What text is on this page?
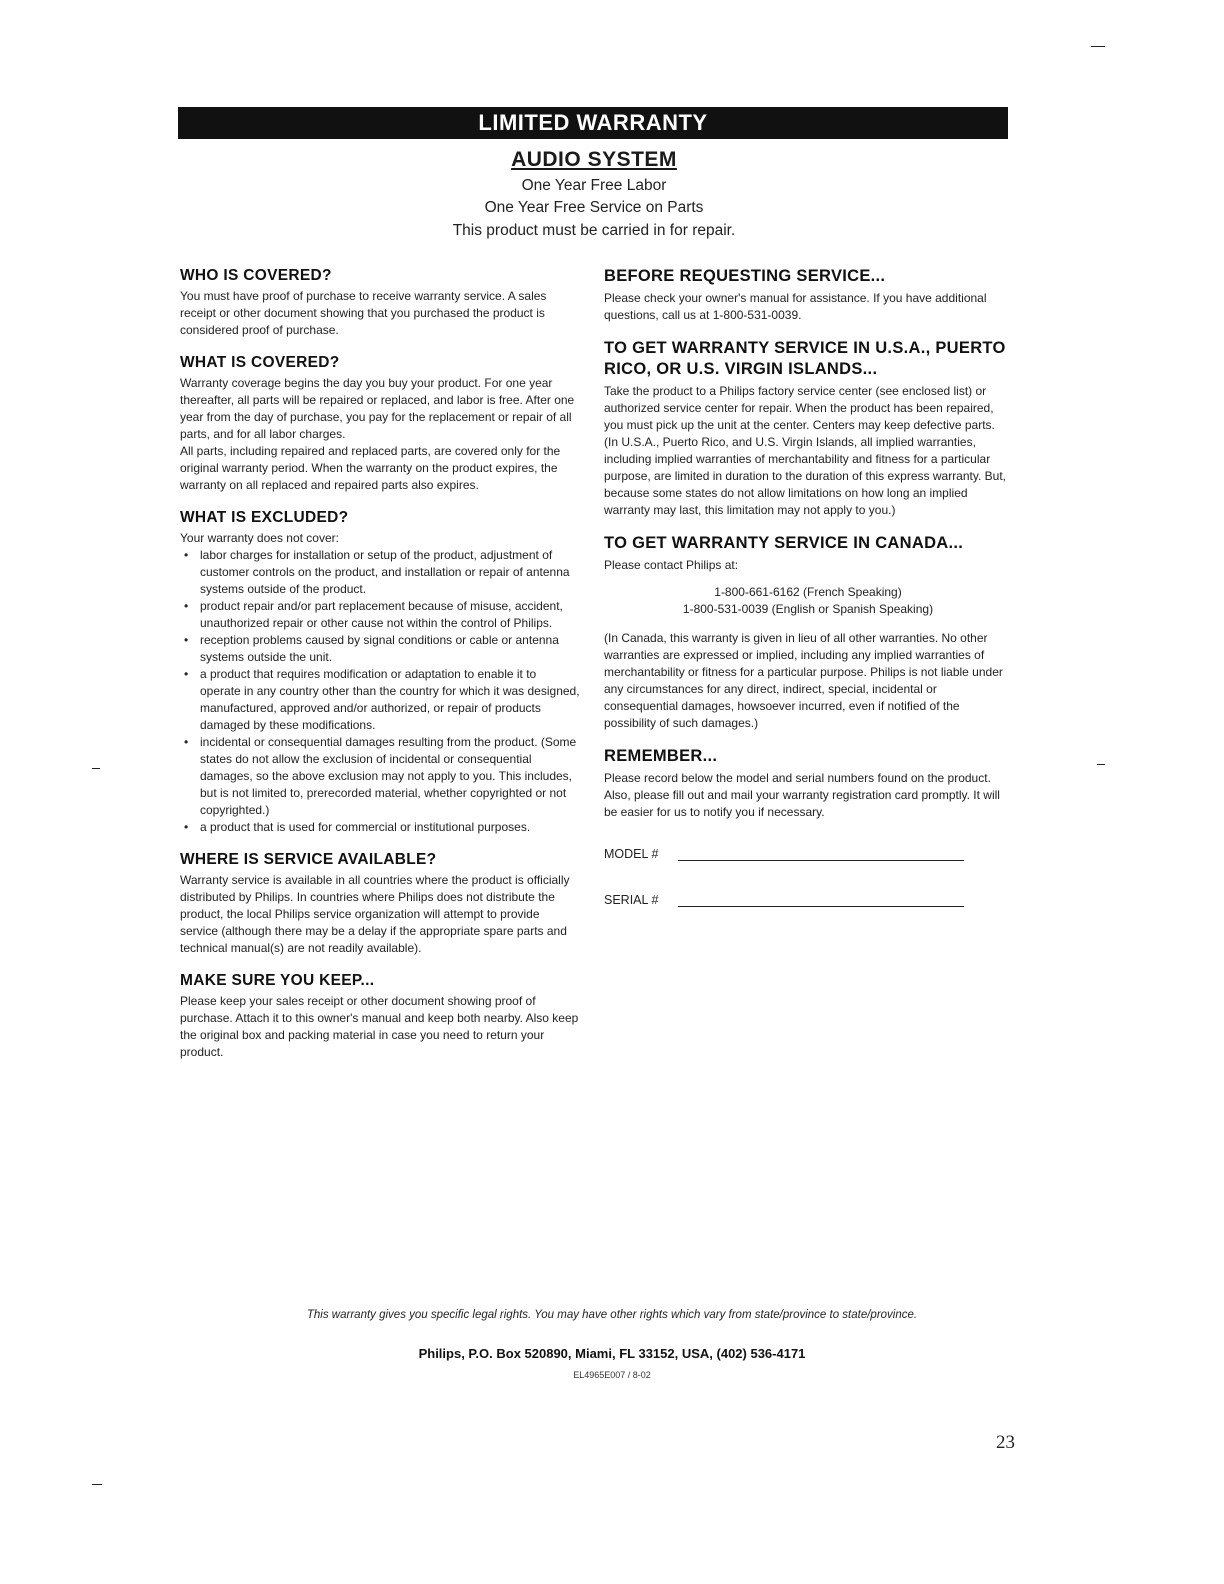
LIMITED WARRANTY
AUDIO SYSTEM
One Year Free Labor
One Year Free Service on Parts
This product must be carried in for repair.
WHO IS COVERED?

You must have proof of purchase to receive warranty service. A sales receipt or other document showing that you purchased the product is considered proof of purchase.

WHAT IS COVERED?

Warranty coverage begins the day you buy your product. For one year thereafter, all parts will be repaired or replaced, and labor is free. After one year from the day of purchase, you pay for the replacement or repair of all parts, and for all labor charges.

All parts, including repaired and replaced parts, are covered only for the original warranty period. When the warranty on the product expires, the warranty on all replaced and repaired parts also expires.

WHAT IS EXCLUDED?

Your warranty does not cover:

• labor charges for installation or setup of the product, adjustment of customer controls on the product, and installation or repair of antenna systems outside of the product.
• product repair and/or part replacement because of misuse, accident, unauthorized repair or other cause not within the control of Philips.
• reception problems caused by signal conditions or cable or antenna systems outside the unit.
• a product that requires modification or adaptation to enable it to operate in any country other than the country for which it was designed, manufactured, approved and/or authorized, or repair of products damaged by these modifications.
• incidental or consequential damages resulting from the product. (Some states do not allow the exclusion of incidental or consequential damages, so the above exclusion may not apply to you. This includes, but is not limited to, prerecorded material, whether copyrighted or not copyrighted.)
• a product that is used for commercial or institutional purposes.
WHERE IS SERVICE AVAILABLE?

Warranty service is available in all countries where the product is officially distributed by Philips. In countries where Philips does not distribute the product, the local Philips service organization will attempt to provide service (although there may be a delay if the appropriate spare parts and technical manual(s) are not readily available).

MAKE SURE YOU KEEP...

Please keep your sales receipt or other document showing proof of purchase. Attach it to this owner's manual and keep both nearby. Also keep the original box and packing material in case you need to return your product.

BEFORE REQUESTING SERVICE...

Please check your owner's manual for assistance. If you have additional questions, call us at 1-800-531-0039.

TO GET WARRANTY SERVICE IN U.S.A., PUERTO RICO, OR U.S. VIRGIN ISLANDS...

Take the product to a Philips factory service center (see enclosed list) or authorized service center for repair. When the product has been repaired, you must pick up the unit at the center. Centers may keep defective parts. (In U.S.A., Puerto Rico, and U.S. Virgin Islands, all implied warranties, including implied warranties of merchantability and fitness for a particular purpose, are limited in duration to the duration of this express warranty. But, because some states do not allow limitations on how long an implied warranty may last, this limitation may not apply to you.)

TO GET WARRANTY SERVICE IN CANADA...

Please contact Philips at:

1-800-661-6162 (French Speaking)
1-800-531-0039 (English or Spanish Speaking)

(In Canada, this warranty is given in lieu of all other warranties. No other warranties are expressed or implied, including any implied warranties of merchantability or fitness for a particular purpose. Philips is not liable under any circumstances for any direct, indirect, special, incidental or consequential damages, howsoever incurred, even if notified of the possibility of such damages.)

REMEMBER...

Please record below the model and serial numbers found on the product. Also, please fill out and mail your warranty registration card promptly. It will be easier for us to notify you if necessary.

MODEL #
SERIAL #
This warranty gives you specific legal rights. You may have other rights which vary from state/province to state/province.
Philips, P.O. Box 520890, Miami, FL 33152, USA, (402) 536-4171
EL4965E007 / 8-02
23
